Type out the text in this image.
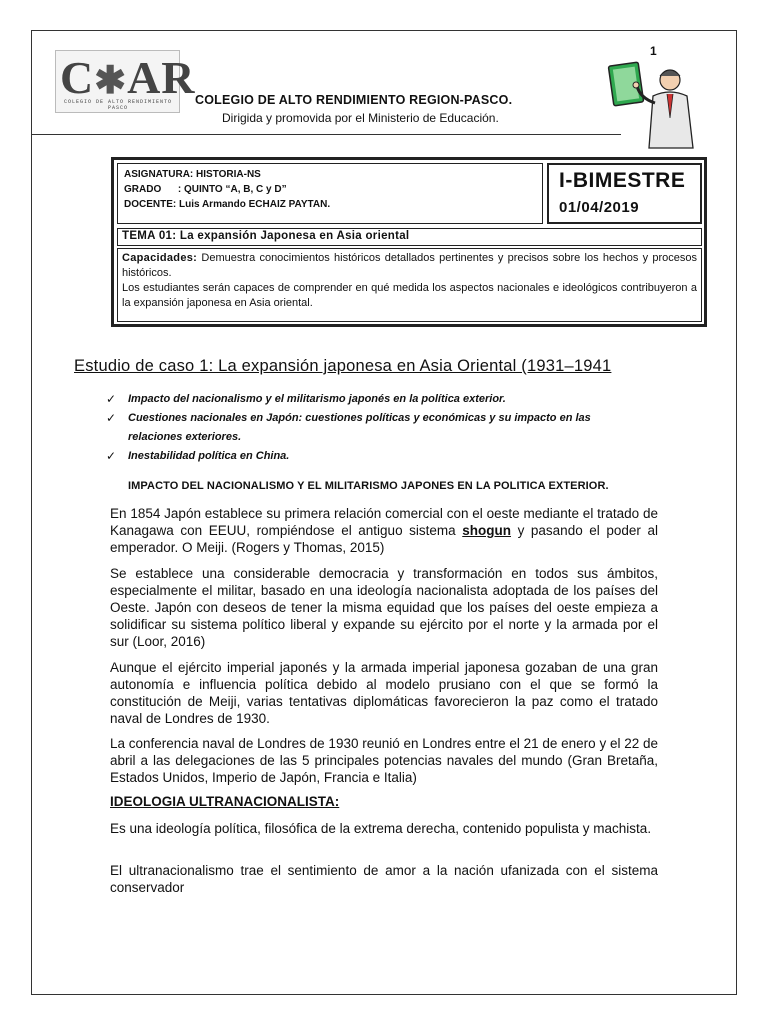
C✱AR
COLEGIO DE ALTO RENDIMIENTO PASCO
COLEGIO DE ALTO RENDIMIENTO REGION-PASCO.
Dirigida y promovida por el Ministerio de Educación.
1
ASIGNATURA: HISTORIA-NS
GRADO      : QUINTO “A, B, C y D”
DOCENTE: Luis Armando ECHAIZ PAYTAN.
I-BIMESTRE
01/04/2019
TEMA 01: La expansión Japonesa en Asia oriental
Capacidades: Demuestra conocimientos históricos detallados pertinentes y precisos sobre los hechos y procesos históricos.
Los estudiantes serán capaces de comprender en qué medida los aspectos nacionales e ideológicos contribuyeron a la expansión japonesa en Asia oriental.
Estudio de caso 1: La expansión japonesa en Asia Oriental (1931–1941
✓ Impacto del nacionalismo y el militarismo japonés en la política exterior.
✓ Cuestiones nacionales en Japón: cuestiones políticas y económicas y su impacto en las relaciones exteriores.
✓ Inestabilidad política en China.
IMPACTO DEL NACIONALISMO Y EL MILITARISMO JAPONES EN LA POLITICA EXTERIOR.

En 1854 Japón establece su primera relación comercial con el oeste mediante el tratado de Kanagawa con EEUU, rompiéndose el antiguo sistema shogun y pasando el poder al emperador. O Meiji. (Rogers y Thomas, 2015)

Se establece una considerable democracia y transformación en todos sus ámbitos, especialmente el militar, basado en una ideología nacionalista adoptada de los países del Oeste. Japón con deseos de tener la misma equidad que los países del oeste empieza a solidificar su sistema político liberal y expande su ejército por el norte y la armada por el sur (Loor, 2016)

Aunque el ejército imperial japonés y la armada imperial japonesa gozaban de una gran autonomía e influencia política debido al modelo prusiano con el que se formó la constitución de Meiji, varias tentativas diplomáticas favorecieron la paz como el tratado naval de Londres de 1930.

La conferencia naval de Londres de 1930 reunió en Londres entre el 21 de enero y el 22 de abril a las delegaciones de las 5 principales potencias navales del mundo (Gran Bretaña, Estados Unidos, Imperio de Japón, Francia e Italia)

IDEOLOGIA ULTRANACIONALISTA:

Es una ideología política, filosófica de la extrema derecha, contenido populista y machista.

El ultranacionalismo trae el sentimiento de amor a la nación ufanizada con el sistema conservador
